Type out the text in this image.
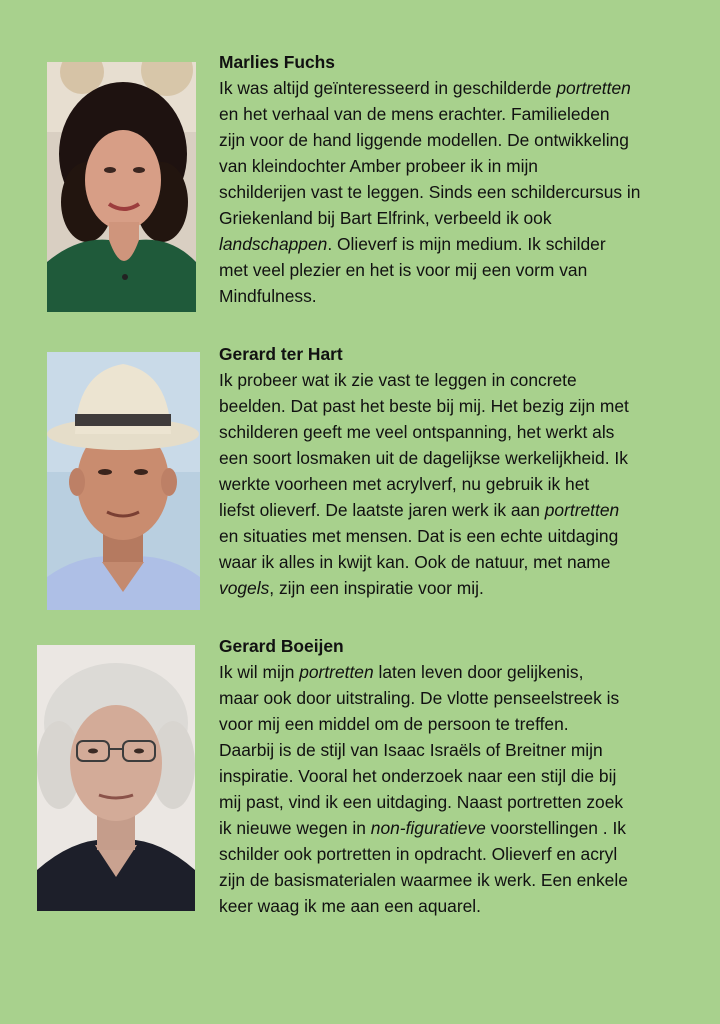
Marlies Fuchs
Ik was altijd geïnteresseerd in geschilderde portretten
en het verhaal van de mens erachter. Familieleden
zijn voor de hand liggende modellen. De ontwikkeling
van kleindochter Amber probeer ik in mijn
schilderijen vast te leggen. Sinds een schildercursus in
Griekenland bij Bart Elfrink, verbeeld ik ook
landschappen. Olieverf is mijn medium. Ik schilder
met veel plezier en het is voor mij een vorm van
Mindfulness.
Gerard ter Hart
Ik probeer wat ik zie vast te leggen in concrete
beelden. Dat past het beste bij mij. Het bezig zijn met
schilderen geeft me veel ontspanning, het werkt als
een soort losmaken uit de dagelijkse werkelijkheid. Ik
werkte voorheen met acrylverf, nu gebruik ik het
liefst olieverf. De laatste jaren werk ik aan portretten
en situaties met mensen. Dat is een echte uitdaging
waar ik alles in kwijt kan. Ook de natuur, met name
vogels, zijn een inspiratie voor mij.
Gerard Boeijen
Ik wil mijn portretten laten leven door gelijkenis,
maar ook door uitstraling. De vlotte penseelstreek is
voor mij een middel om de persoon te treffen.
Daarbij is de stijl van Isaac Israëls of Breitner mijn
inspiratie. Vooral het onderzoek naar een stijl die bij
mij past, vind ik een uitdaging. Naast portretten zoek
ik nieuwe wegen in non-figuratieve voorstellingen . Ik
schilder ook portretten in opdracht. Olieverf en acryl
zijn de basismaterialen waarmee ik werk. Een enkele
keer waag ik me aan een aquarel.
